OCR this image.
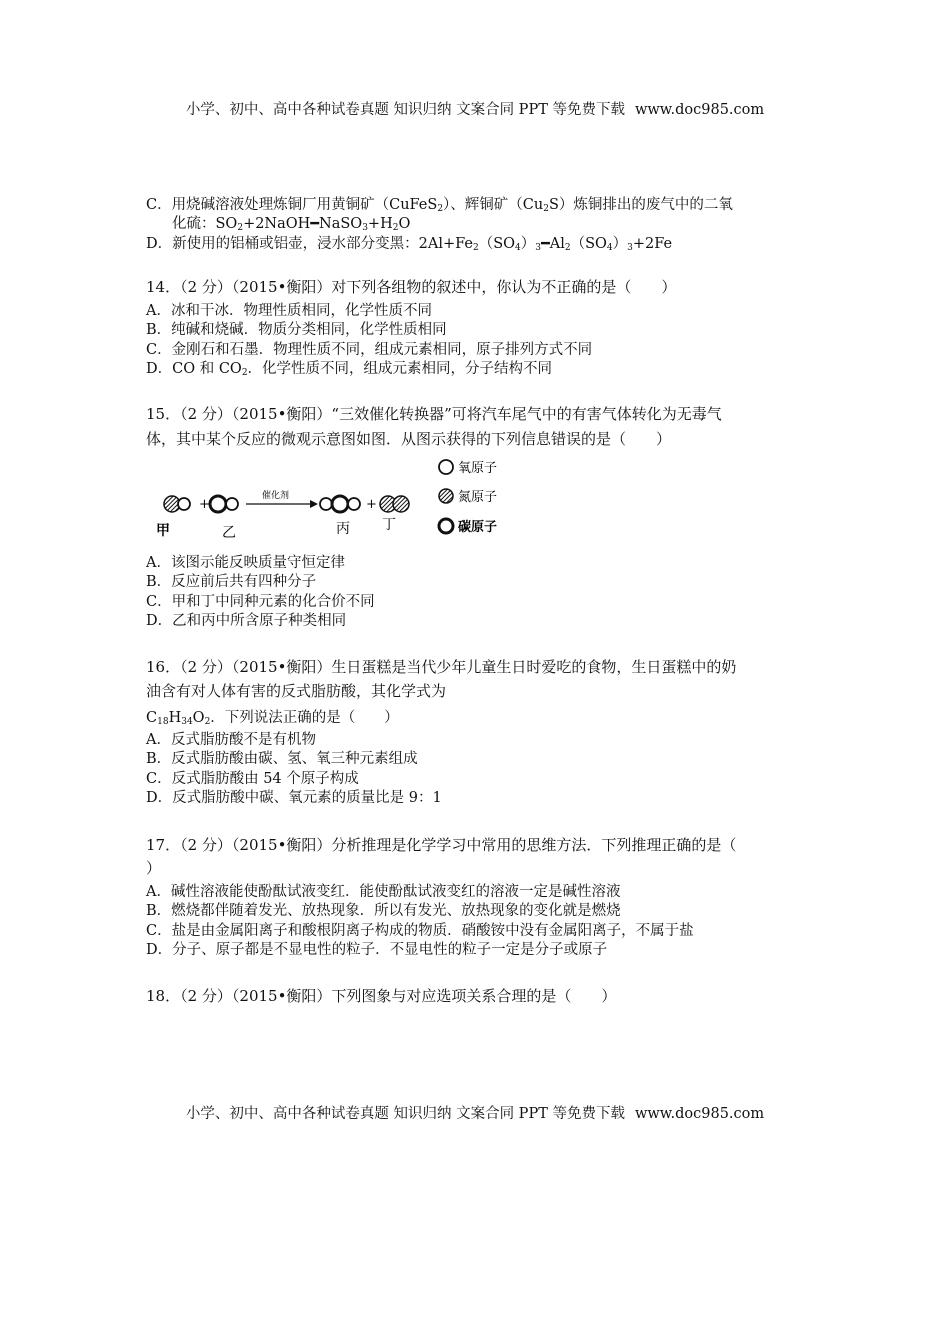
小学、初中、高中各种试卷真题 知识归纳 文案合同 PPT 等免费下载 www.doc985.com
C．用烧碱溶液处理炼铜厂用黄铜矿（CuFeS$_2$）、辉铜矿$(Cu_2S)$炼铜排出的废气中的二氧
化硫：$SO_2+2NaOH━NaSO_3+H_2O$
D．新使用的铝桶或铝壶，浸水部分变黑：$2Al+Fe_2(SO_4)_3━Al_2(SO_4)_3+2Fe$
14．（2 分）（2015•衡阳）对下列各组物的叙述中，你认为不正确的是（　　）
A．冰和干冰．物理性质相同，化学性质不同
B．纯碱和烧碱．物质分类相同，化学性质相同
C．金刚石和石墨．物理性质不同，组成元素相同，原子排列方式不同
D．CO 和 $CO_2$．化学性质不同，组成元素相同，分子结构不同
15．（2 分）（2015•衡阳）“三效催化转换器”可将汽车尾气中的有害气体转化为无毒气
体，其中某个反应的微观示意图如图．从图示获得的下列信息错误的是（　　）
+
催化剂
+
甲	乙	丙 丁
氧原子
氮原子
碳原子
A．该图示能反映质量守恒定律
B．反应前后共有四种分子
C．甲和丁中同种元素的化合价不同
D．乙和丙中所含原子种类相同
16．（2 分）（2015•衡阳）生日蛋糕是当代少年儿童生日时爱吃的食物，生日蛋糕中的奶
油含有对人体有害的反式脂肪酸，其化学式为
$C_{18}H_{34}O_2$．下列说法正确的是（　　）
A．反式脂肪酸不是有机物
B．反式脂肪酸由碳、氢、氧三种元素组成
C．反式脂肪酸由 54 个原子构成
D．反式脂肪酸中碳、氧元素的质量比是 9：1
17．（2 分）（2015•衡阳）分析推理是化学学习中常用的思维方法．下列推理正确的是（
）
A．碱性溶液能使酚酞试液变红．能使酚酞试液变红的溶液一定是碱性溶液
B．燃烧都伴随着发光、放热现象．所以有发光、放热现象的变化就是燃烧
C．盐是由金属阳离子和酸根阴离子构成的物质．硝酸铵中没有金属阳离子，不属于盐
D．分子、原子都是不显电性的粒子．不显电性的粒子一定是分子或原子
18．（2 分）（2015•衡阳）下列图象与对应选项关系合理的是（　　）
小学、初中、高中各种试卷真题 知识归纳 文案合同 PPT 等免费下载 www.doc985.com
